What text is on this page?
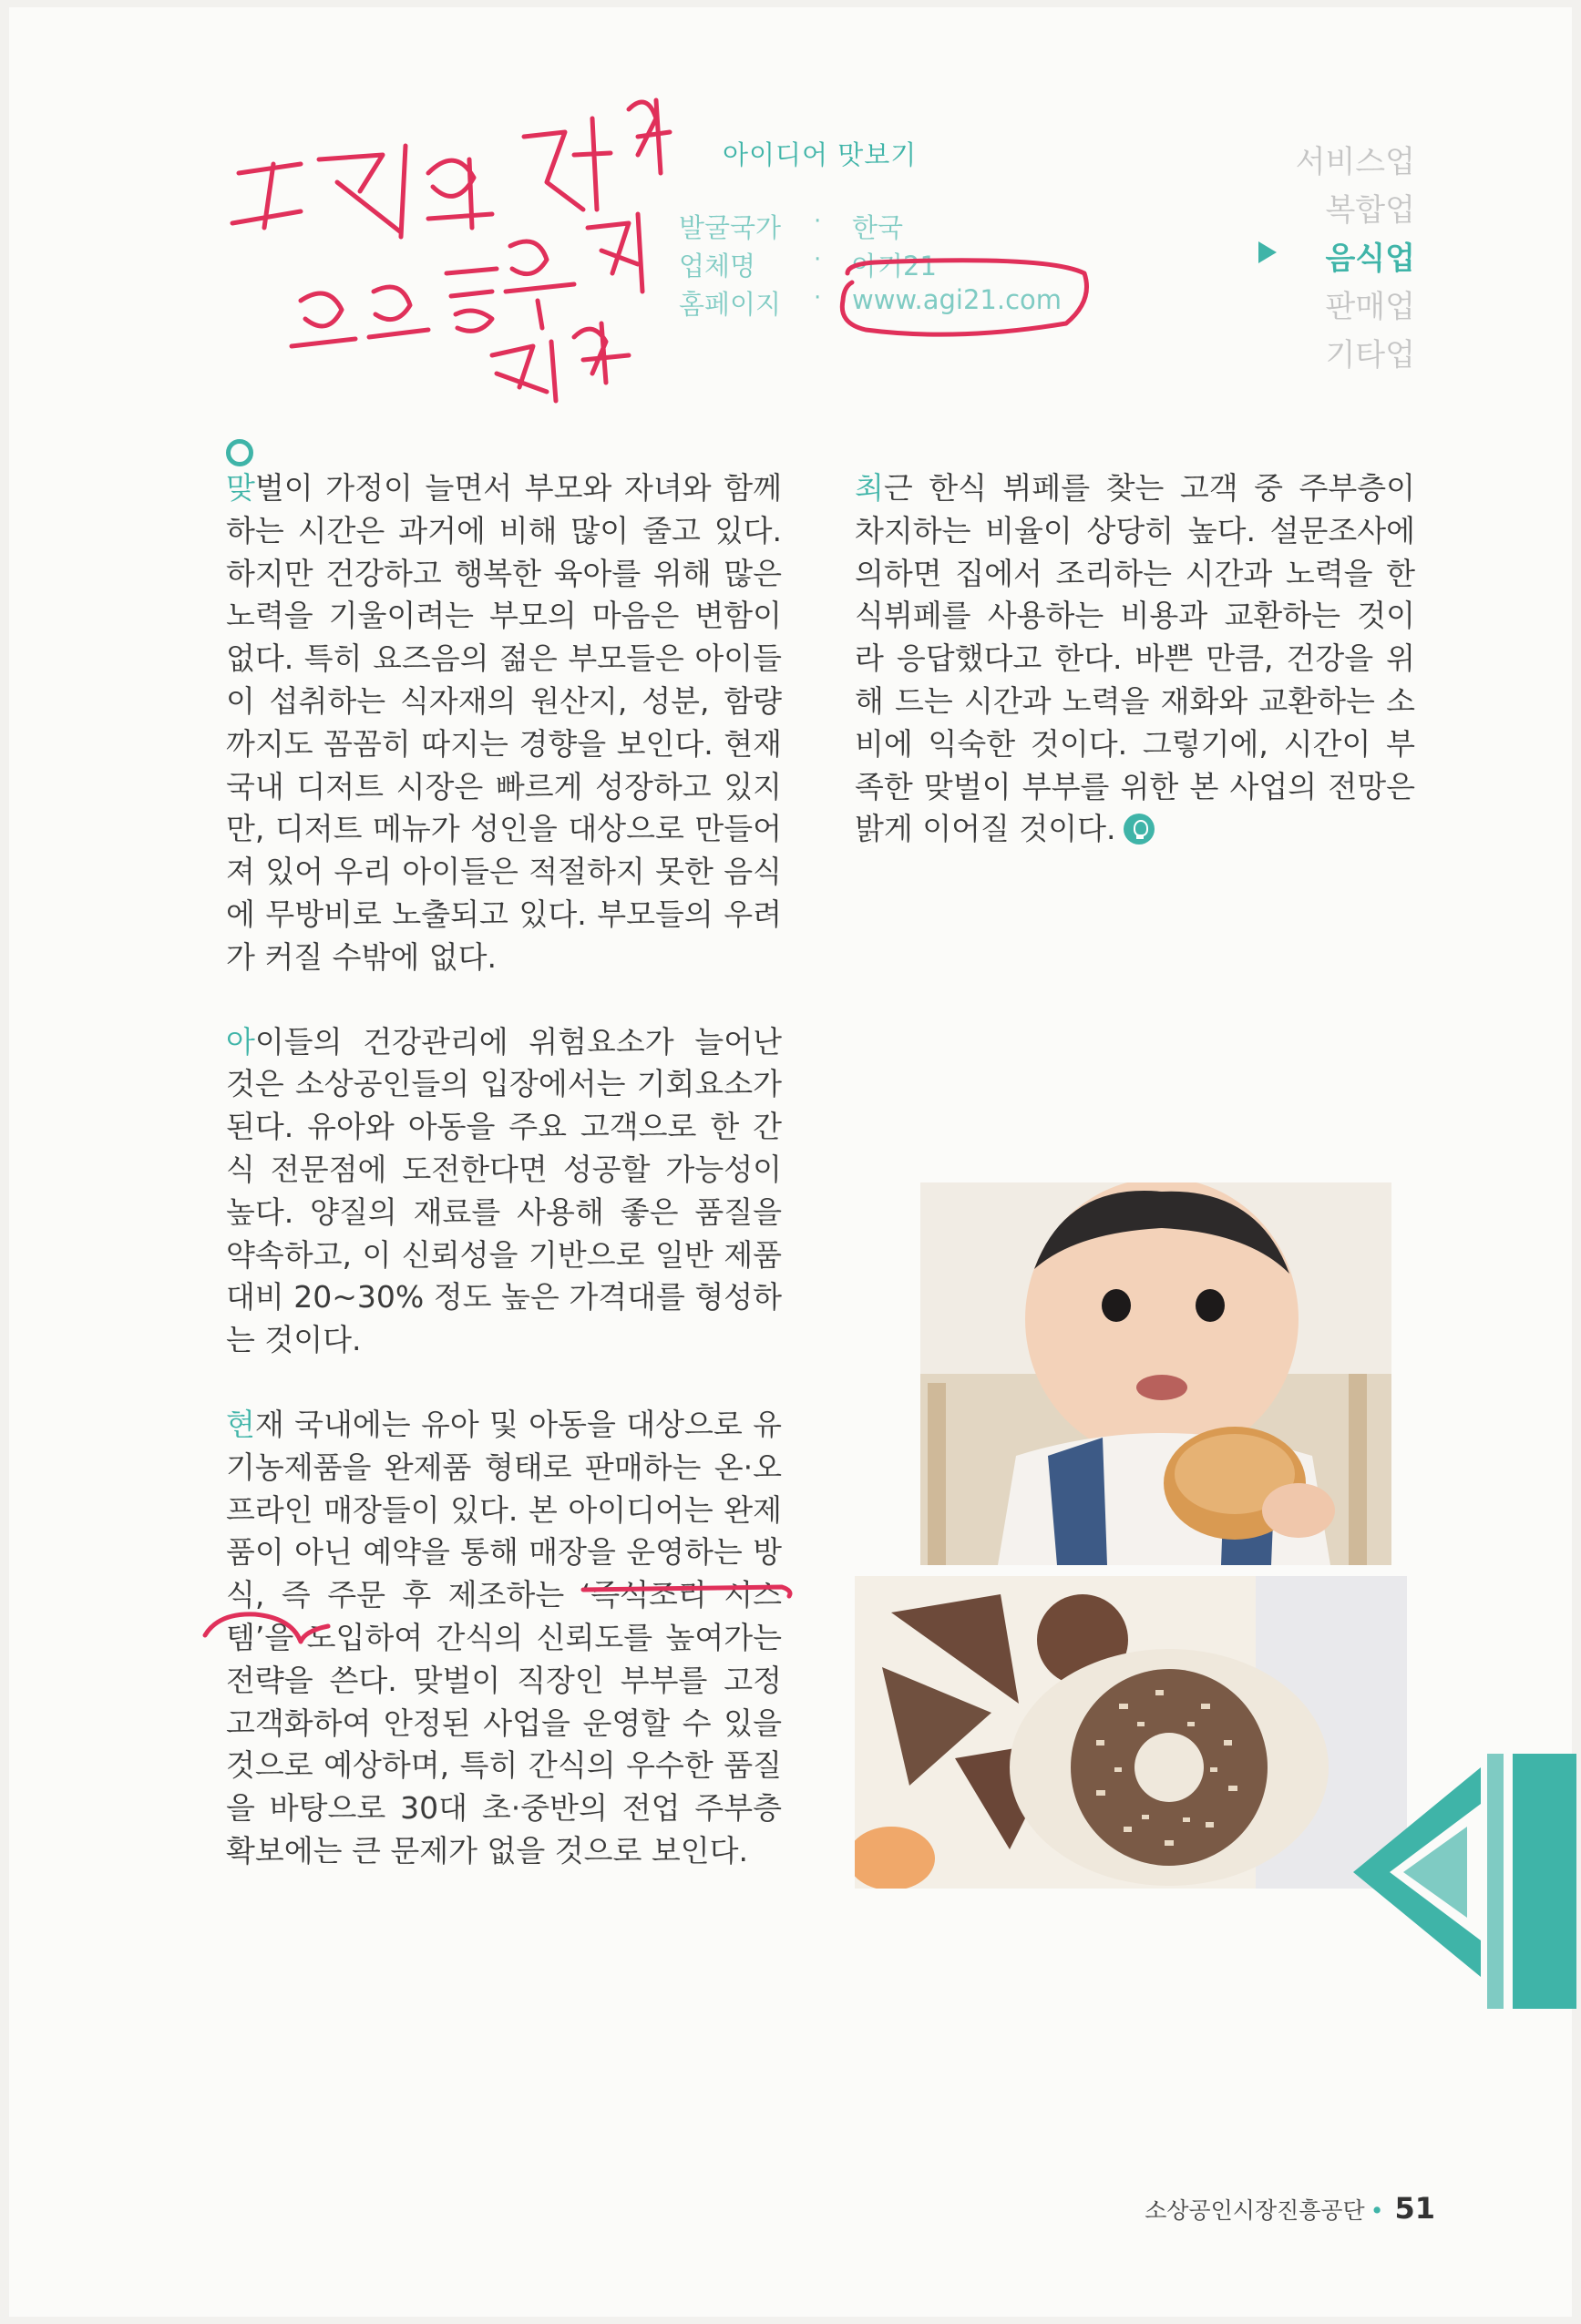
아이디어 맛보기
발굴국가 · 한국
업체명 · 아기21
홈페이지 · www.agi21.com
서비스업
복합업
음식업
판매업
기타업

맞벌이 가정이 늘면서 부모와 자녀와 함께 하는 시간은 과거에 비해 많이 줄고 있다. 하지만 건강하고 행복한 육아를 위해 많은 노력을 기울이려는 부모의 마음은 변함이 없다. 특히 요즈음의 젊은 부모들은 아이들이 섭취하는 식자재의 원산지, 성분, 함량까지도 꼼꼼히 따지는 경향을 보인다. 현재 국내 디저트 시장은 빠르게 성장하고 있지만, 디저트 메뉴가 성인을 대상으로 만들어져 있어 우리 아이들은 적절하지 못한 음식에 무방비로 노출되고 있다. 부모들의 우려가 커질 수밖에 없다.

아이들의 건강관리에 위험요소가 늘어난 것은 소상공인들의 입장에서는 기회요소가 된다. 유아와 아동을 주요 고객으로 한 간식 전문점에 도전한다면 성공할 가능성이 높다. 양질의 재료를 사용해 좋은 품질을 약속하고, 이 신뢰성을 기반으로 일반 제품대비 20~30% 정도 높은 가격대를 형성하는 것이다.

현재 국내에는 유아 및 아동을 대상으로 유기농제품을 완제품 형태로 판매하는 온·오프라인 매장들이 있다. 본 아이디어는 완제품이 아닌 예약을 통해 매장을 운영하는 방식, 즉 주문 후 제조하는 ‘즉석조리 시스템’을 도입하여 간식의 신뢰도를 높여가는 전략을 쓴다. 맞벌이 직장인 부부를 고정 고객화하여 안정된 사업을 운영할 수 있을 것으로 예상하며, 특히 간식의 우수한 품질을 바탕으로 30대 초·중반의 전업 주부층 확보에는 큰 문제가 없을 것으로 보인다.

최근 한식 뷔페를 찾는 고객 중 주부층이 차지하는 비율이 상당히 높다. 설문조사에 의하면 집에서 조리하는 시간과 노력을 한식뷔페를 사용하는 비용과 교환하는 것이라 응답했다고 한다. 바쁜 만큼, 건강을 위해 드는 시간과 노력을 재화와 교환하는 소비에 익숙한 것이다. 그렇기에, 시간이 부족한 맞벌이 부부를 위한 본 사업의 전망은 밝게 이어질 것이다.

소상공인시장진흥공단 • 51
